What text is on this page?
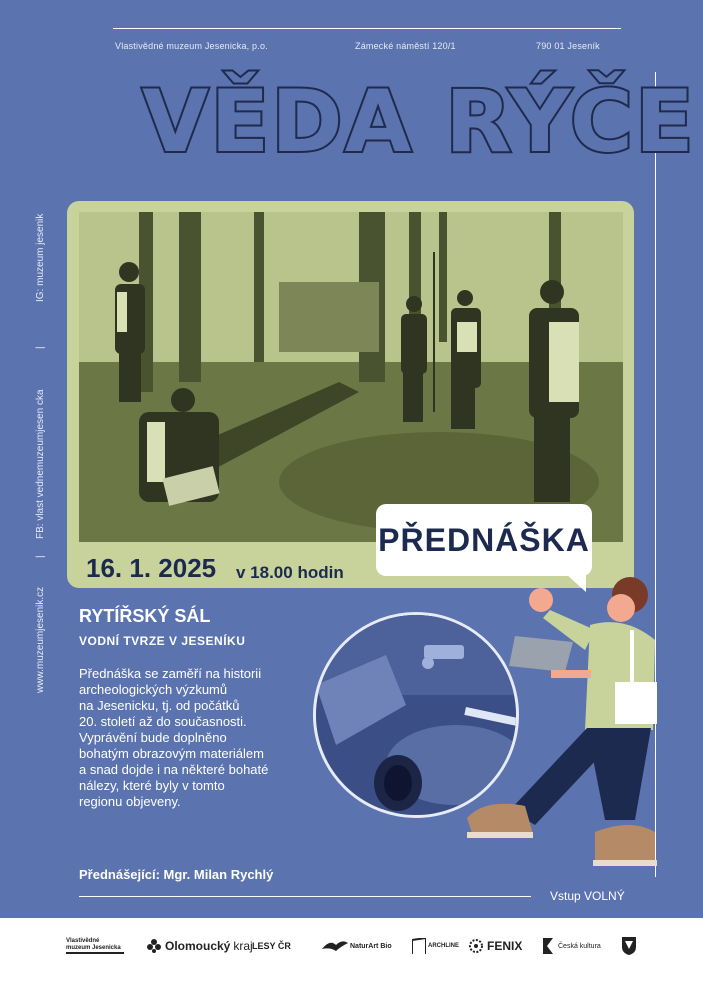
Vlastivědné muzeum Jesenicka, p.o.	Zámecké náměstí 120/1	790 01 Jeseník
VĚDA RÝČE
www.muzeumjesenik.cz
|
FB: vlast vednemuzeumjesen cka
|
IG: muzeum jesenik
16. 1. 2025 v 18.00 hodin
PŘEDNÁŠKA
RYTÍŘSKÝ SÁL
VODNÍ TVRZE V JESENÍKU
Přednáška se zaměří na historii
archeologických výzkumů
na Jesenicku, tj. od počátků
20. století až do současnosti.
Vyprávění bude doplněno
bohatým obrazovým materiálem
a snad dojde i na některé bohaté
nálezy, které byly v tomto
regionu objeveny.
Přednášející: Mgr. Milan Rychlý
Vstup VOLNÝ
Vlastivědné muzeum Jesenicka	Olomoucký kraj LESY ČR	NaturArt Bio	ARCHLINE FENIX	Česká kultura
